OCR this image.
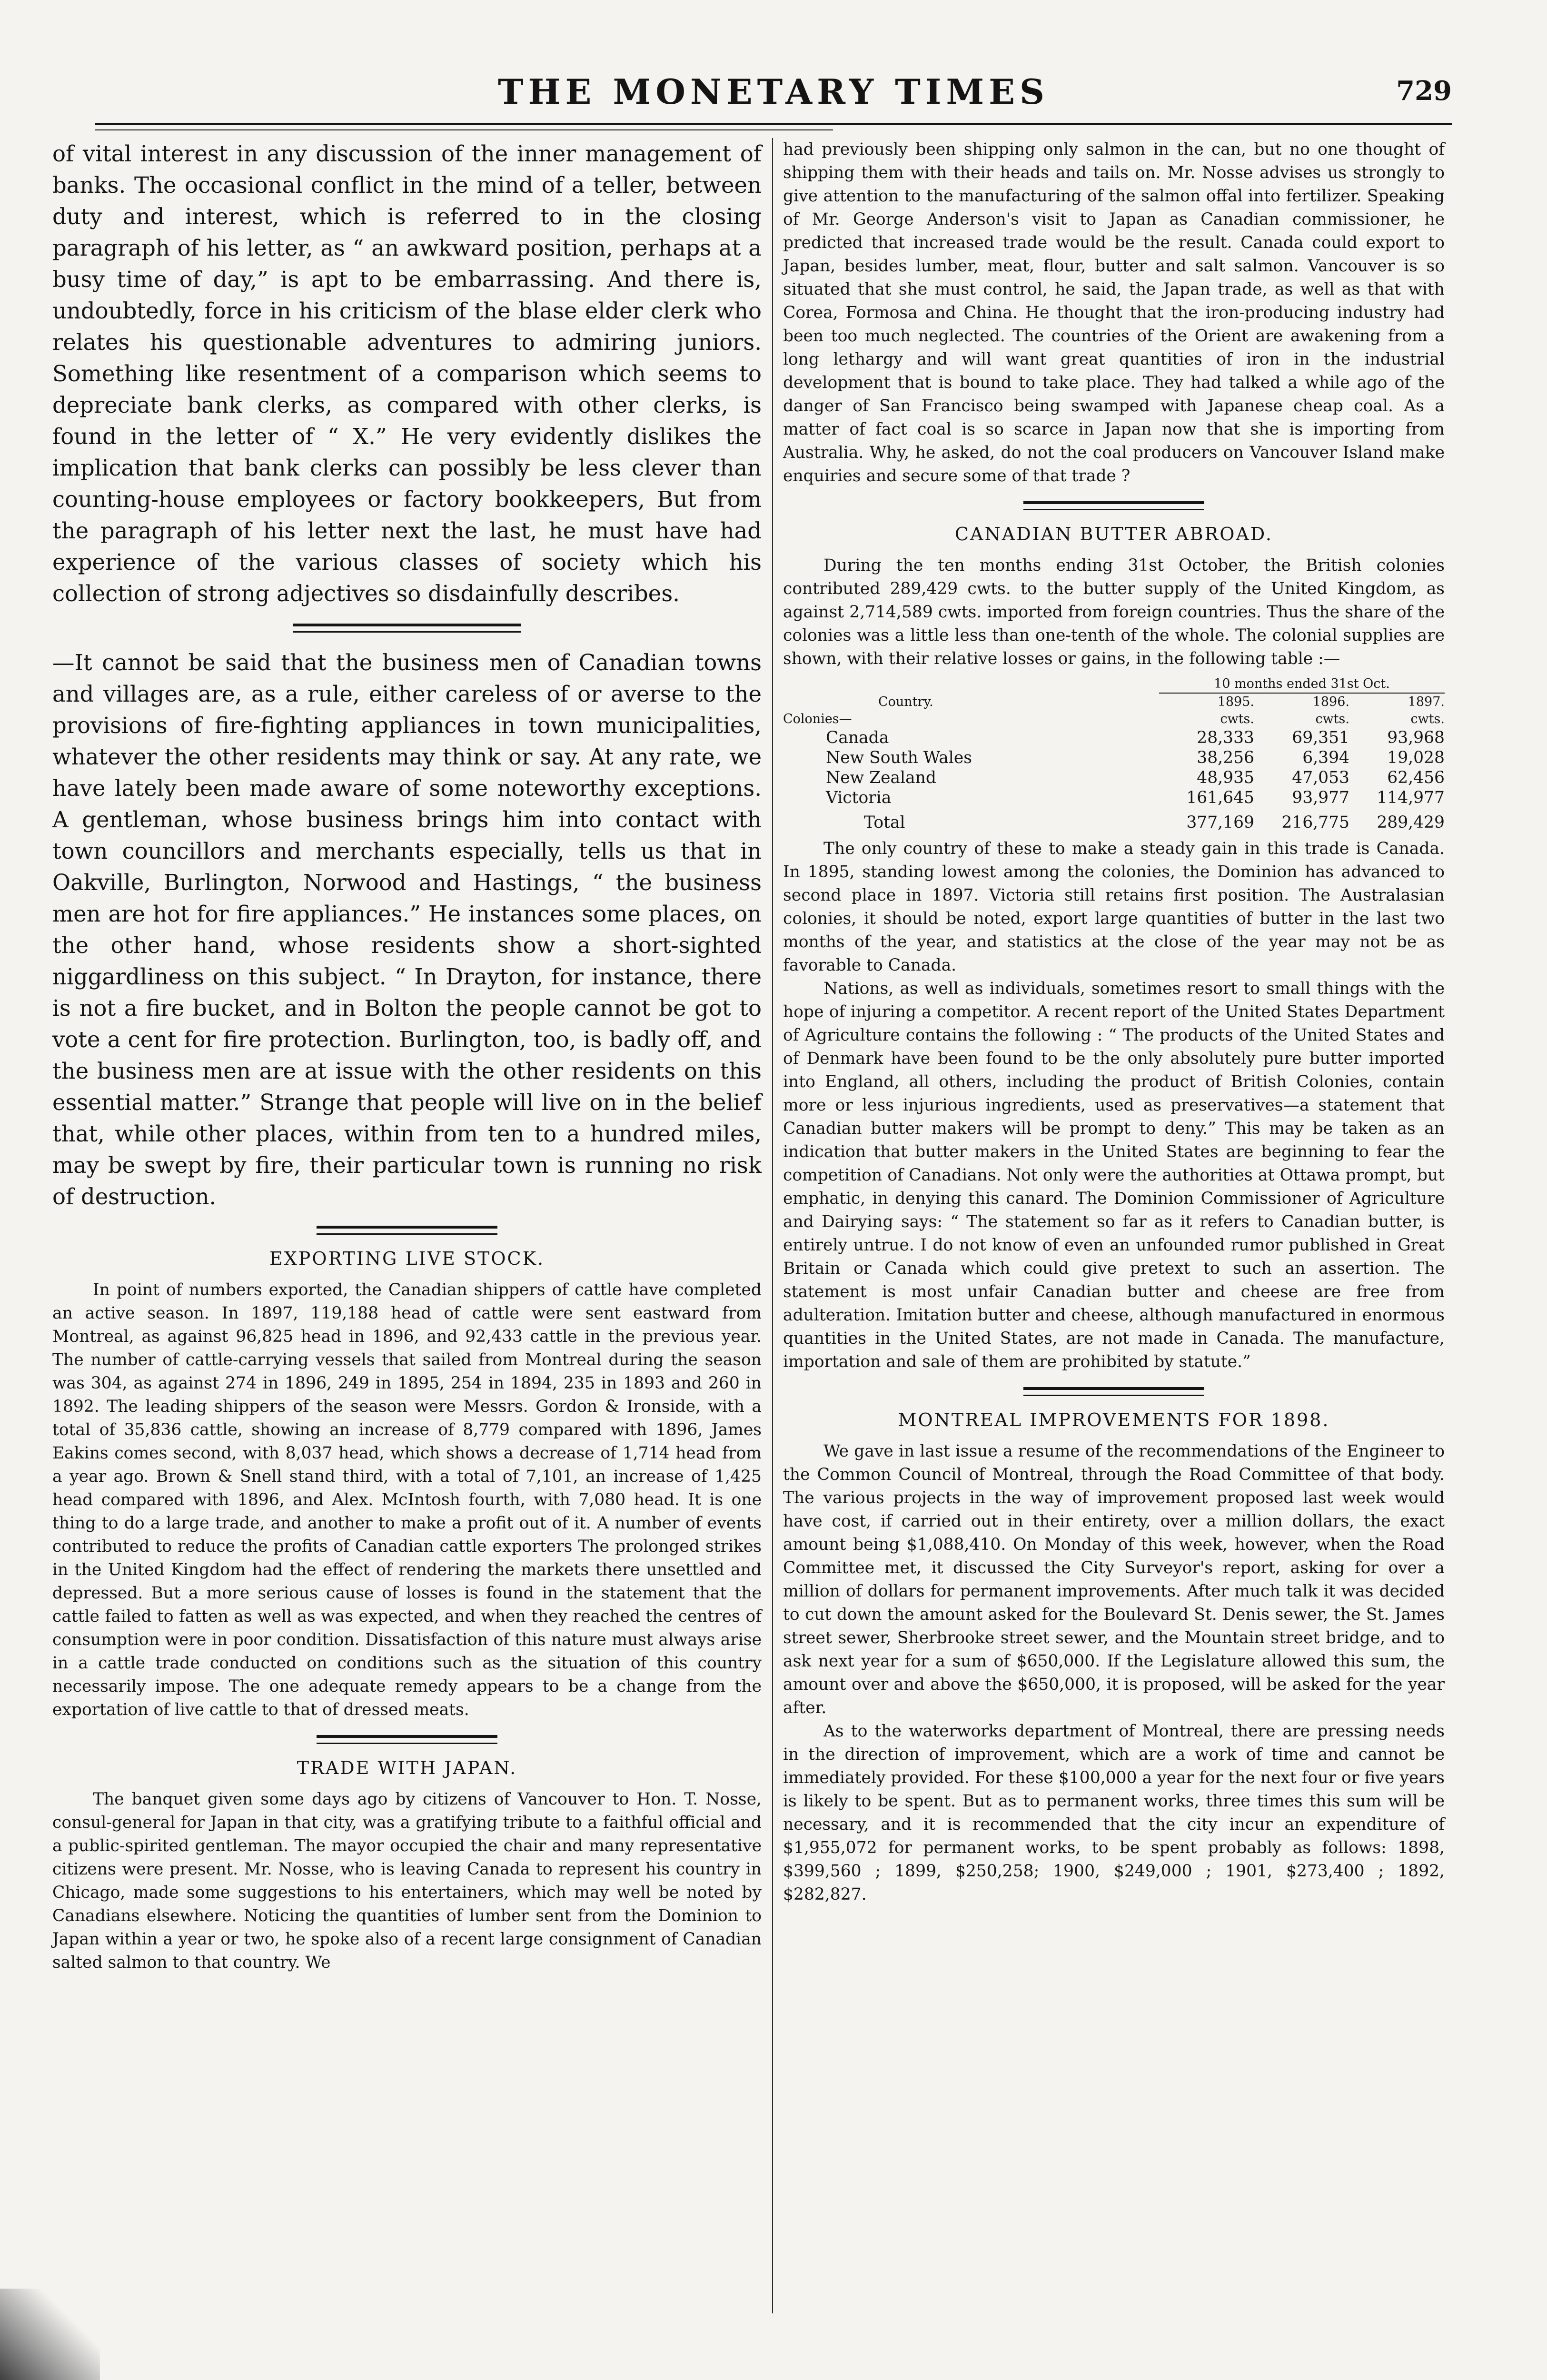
THE MONETARY TIMES	729

of vital interest in any discussion of the inner management of banks. The occasional conflict in the mind of a teller, between duty and interest, which is referred to in the closing paragraph of his letter, as “ an awkward position, perhaps at a busy time of day,” is apt to be embarrassing. And there is, undoubtedly, force in his criticism of the blase elder clerk who relates his questionable adventures to admiring juniors. Something like resentment of a comparison which seems to depreciate bank clerks, as compared with other clerks, is found in the letter of “ X.” He very evidently dislikes the implication that bank clerks can possibly be less clever than counting-house employees or factory bookkeepers, But from the paragraph of his letter next the last, he must have had experience of the various classes of society which his collection of strong adjectives so disdainfully describes.

—It cannot be said that the business men of Canadian towns and villages are, as a rule, either careless of or averse to the provisions of fire-fighting appliances in town municipalities, whatever the other residents may think or say. At any rate, we have lately been made aware of some noteworthy exceptions. A gentleman, whose business brings him into contact with town councillors and merchants especially, tells us that in Oakville, Burlington, Norwood and Hastings, “ the business men are hot for fire appliances.” He instances some places, on the other hand, whose residents show a short-sighted niggardliness on this subject. “ In Drayton, for instance, there is not a fire bucket, and in Bolton the people cannot be got to vote a cent for fire protection. Burlington, too, is badly off, and the business men are at issue with the other residents on this essential matter.” Strange that people will live on in the belief that, while other places, within from ten to a hundred miles, may be swept by fire, their particular town is running no risk of destruction.

EXPORTING LIVE STOCK.

In point of numbers exported, the Canadian shippers of cattle have completed an active season. In 1897, 119,188 head of cattle were sent eastward from Montreal, as against 96,825 head in 1896, and 92,433 cattle in the previous year. The number of cattle-carrying vessels that sailed from Montreal during the season was 304, as against 274 in 1896, 249 in 1895, 254 in 1894, 235 in 1893 and 260 in 1892. The leading shippers of the season were Messrs. Gordon & Ironside, with a total of 35,836 cattle, showing an increase of 8,779 compared with 1896, James Eakins comes second, with 8,037 head, which shows a decrease of 1,714 head from a year ago. Brown & Snell stand third, with a total of 7,101, an increase of 1,425 head compared with 1896, and Alex. McIntosh fourth, with 7,080 head. It is one thing to do a large trade, and another to make a profit out of it. A number of events contributed to reduce the profits of Canadian cattle exporters The prolonged strikes in the United Kingdom had the effect of rendering the markets there unsettled and depressed. But a more serious cause of losses is found in the statement that the cattle failed to fatten as well as was expected, and when they reached the centres of consumption were in poor condition. Dissatisfaction of this nature must always arise in a cattle trade conducted on conditions such as the situation of this country necessarily impose. The one adequate remedy appears to be a change from the exportation of live cattle to that of dressed meats.

TRADE WITH JAPAN.

The banquet given some days ago by citizens of Vancouver to Hon. T. Nosse, consul-general for Japan in that city, was a gratifying tribute to a faithful official and a public-spirited gentleman. The mayor occupied the chair and many representative citizens were present. Mr. Nosse, who is leaving Canada to represent his country in Chicago, made some suggestions to his entertainers, which may well be noted by Canadians elsewhere. Noticing the quantities of lumber sent from the Dominion to Japan within a year or two, he spoke also of a recent large consignment of Canadian salted salmon to that country. We

had previously been shipping only salmon in the can, but no one thought of shipping them with their heads and tails on. Mr. Nosse advises us strongly to give attention to the manufacturing of the salmon offal into fertilizer. Speaking of Mr. George Anderson's visit to Japan as Canadian commissioner, he predicted that increased trade would be the result. Canada could export to Japan, besides lumber, meat, flour, butter and salt salmon. Vancouver is so situated that she must control, he said, the Japan trade, as well as that with Corea, Formosa and China. He thought that the iron-producing industry had been too much neglected. The countries of the Orient are awakening from a long lethargy and will want great quantities of iron in the industrial development that is bound to take place. They had talked a while ago of the danger of San Francisco being swamped with Japanese cheap coal. As a matter of fact coal is so scarce in Japan now that she is importing from Australia. Why, he asked, do not the coal producers on Vancouver Island make enquiries and secure some of that trade ?

CANADIAN BUTTER ABROAD.

During the ten months ending 31st October, the British colonies contributed 289,429 cwts. to the butter supply of the United Kingdom, as against 2,714,589 cwts. imported from foreign countries. Thus the share of the colonies was a little less than one-tenth of the whole. The colonial supplies are shown, with their relative losses or gains, in the following table :—

	10 months ended 31st Oct.		
Country.	1895.	1896.	1897.
Colonies—	cwts.	cwts.	cwts.
Canada	28,333	69,351	93,968
New South Wales	38,256	6,394	19,028
New Zealand	48,935	47,053	62,456
Victoria	161,645	93,977	114,977
Total	377,169	216,775	289,429

The only country of these to make a steady gain in this trade is Canada. In 1895, standing lowest among the colonies, the Dominion has advanced to second place in 1897. Victoria still retains first position. The Australasian colonies, it should be noted, export large quantities of butter in the last two months of the year, and statistics at the close of the year may not be as favorable to Canada.

Nations, as well as individuals, sometimes resort to small things with the hope of injuring a competitor. A recent report of the United States Department of Agriculture contains the following : “ The products of the United States and of Denmark have been found to be the only absolutely pure butter imported into England, all others, including the product of British Colonies, contain more or less injurious ingredients, used as preservatives—a statement that Canadian butter makers will be prompt to deny.” This may be taken as an indication that butter makers in the United States are beginning to fear the competition of Canadians. Not only were the authorities at Ottawa prompt, but emphatic, in denying this canard. The Dominion Commissioner of Agriculture and Dairying says: “ The statement so far as it refers to Canadian butter, is entirely untrue. I do not know of even an unfounded rumor published in Great Britain or Canada which could give pretext to such an assertion. The statement is most unfair Canadian butter and cheese are free from adulteration. Imitation butter and cheese, although manufactured in enormous quantities in the United States, are not made in Canada. The manufacture, importation and sale of them are prohibited by statute.”

MONTREAL IMPROVEMENTS FOR 1898.

We gave in last issue a resume of the recommendations of the Engineer to the Common Council of Montreal, through the Road Committee of that body. The various projects in the way of improvement proposed last week would have cost, if carried out in their entirety, over a million dollars, the exact amount being $1,088,410. On Monday of this week, however, when the Road Committee met, it discussed the City Surveyor's report, asking for over a million of dollars for permanent improvements. After much talk it was decided to cut down the amount asked for the Boulevard St. Denis sewer, the St. James street sewer, Sherbrooke street sewer, and the Mountain street bridge, and to ask next year for a sum of $650,000. If the Legislature allowed this sum, the amount over and above the $650,000, it is proposed, will be asked for the year after.

As to the waterworks department of Montreal, there are pressing needs in the direction of improvement, which are a work of time and cannot be immediately provided. For these $100,000 a year for the next four or five years is likely to be spent. But as to permanent works, three times this sum will be necessary, and it is recommended that the city incur an expenditure of $1,955,072 for permanent works, to be spent probably as follows: 1898, $399,560 ; 1899, $250,258; 1900, $249,000 ; 1901, $273,400 ; 1892, $282,827.
